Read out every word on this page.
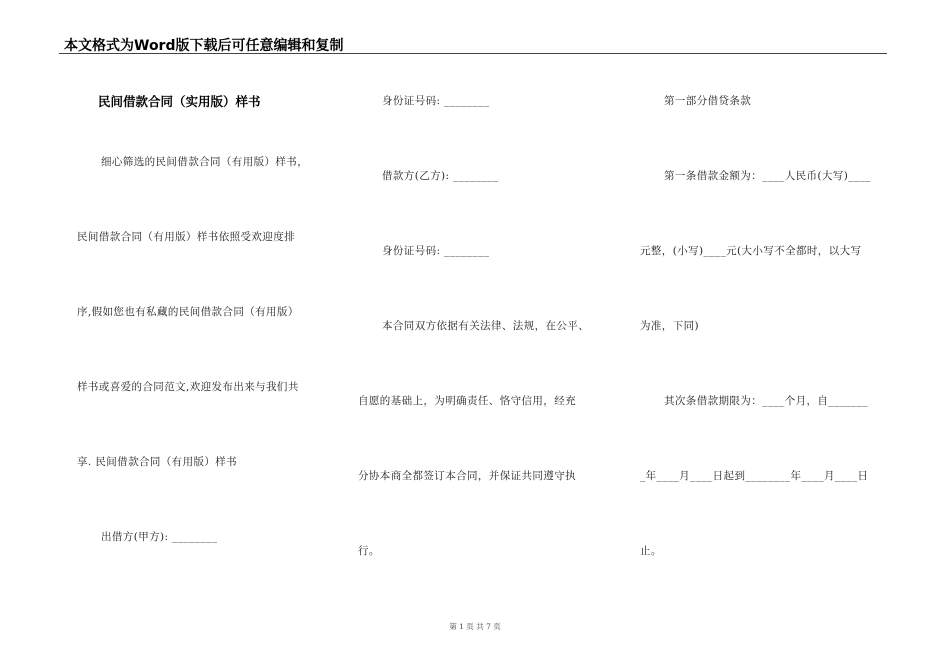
本文格式为Word版下载后可任意编辑和复制
民间借款合同（实用版）样书
细心筛选的民间借款合同（有用版）样书，
民间借款合同（有用版）样书依照受欢迎度排
序,假如您也有私藏的民间借款合同（有用版）
样书或喜爱的合同范文,欢迎发布出来与我们共
享. 民间借款合同（有用版）样书
出借方(甲方): ________
身份证号码: ________
借款方(乙方): ________
身份证号码: ________
本合同双方依据有关法律、法规，在公平、
自愿的基础上，为明确责任、恪守信用，经充
分协本商全都签订本合同，并保证共同遵守执
行。
第一部分借贷条款
第一条借款金额为：____人民币(大写)____
元整，(小写)____元(大小写不全都时，以大写
为准，下同)
其次条借款期限为：____个月，自_______
_年____月____日起到________年____月____日
止。
第 1 页 共 7 页
